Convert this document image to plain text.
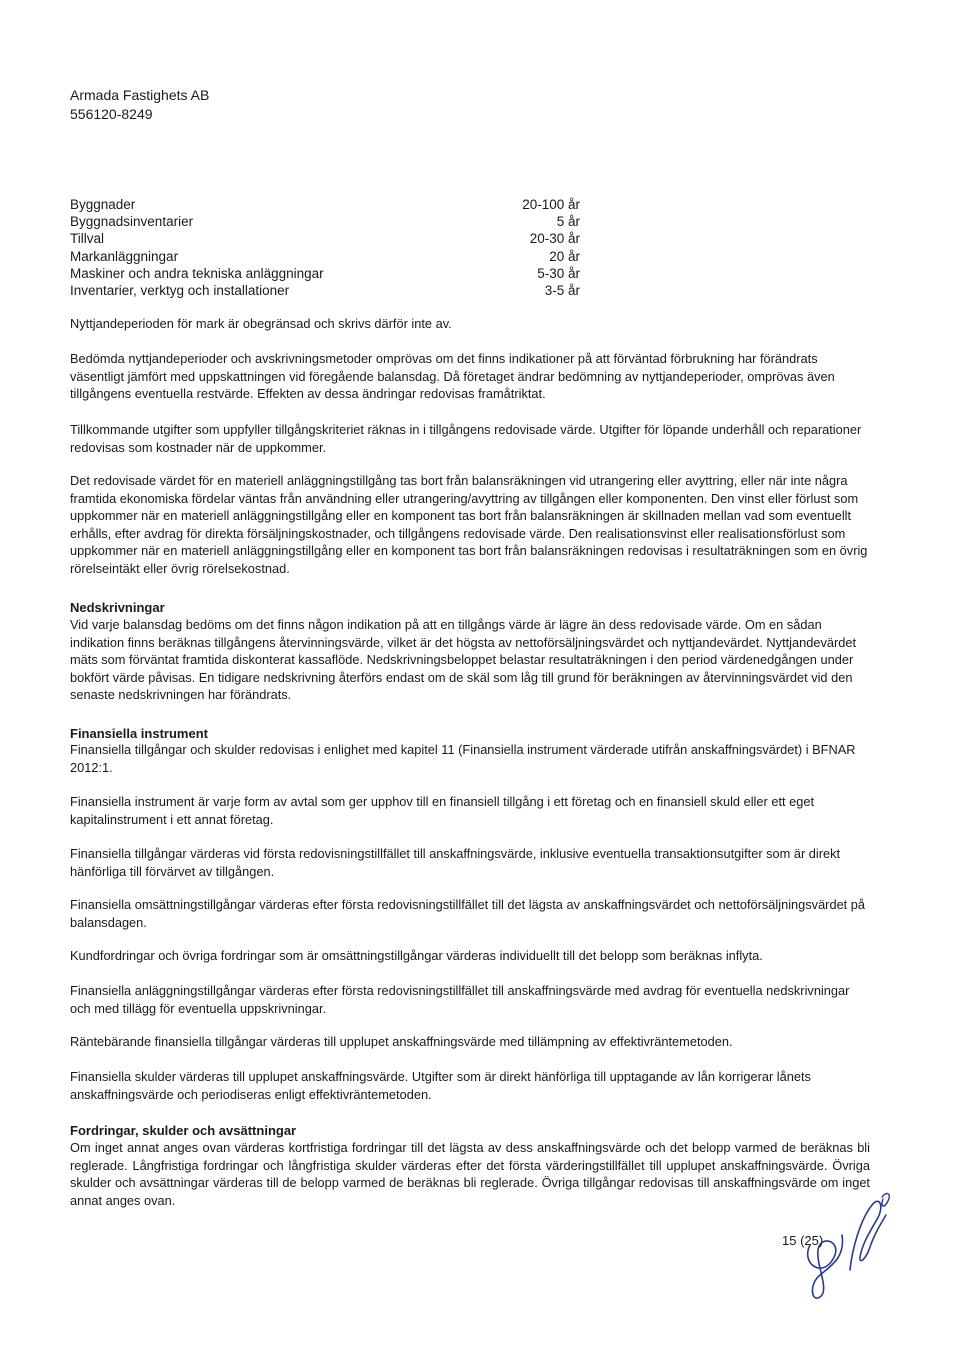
Armada Fastighets AB
556120-8249
Byggnader	20-100 år
Byggnadsinventarier	5 år
Tillval	20-30 år
Markanläggningar	20 år
Maskiner och andra tekniska anläggningar	5-30 år
Inventarier, verktyg och installationer	3-5 år

Nyttjandeperioden för mark är obegränsad och skrivs därför inte av.

Bedömda nyttjandeperioder och avskrivningsmetoder omprövas om det finns indikationer på att förväntad förbrukning har förändrats väsentligt jämfört med uppskattningen vid föregående balansdag. Då företaget ändrar bedömning av nyttjandeperioder, omprövas även tillgångens eventuella restvärde. Effekten av dessa ändringar redovisas framåtriktat.

Tillkommande utgifter som uppfyller tillgångskriteriet räknas in i tillgångens redovisade värde. Utgifter för löpande underhåll och reparationer redovisas som kostnader när de uppkommer.

Det redovisade värdet för en materiell anläggningstillgång tas bort från balansräkningen vid utrangering eller avyttring, eller när inte några framtida ekonomiska fördelar väntas från användning eller utrangering/avyttring av tillgången eller komponenten. Den vinst eller förlust som uppkommer när en materiell anläggningstillgång eller en komponent tas bort från balansräkningen är skillnaden mellan vad som eventuellt erhålls, efter avdrag för direkta försäljningskostnader, och tillgångens redovisade värde. Den realisationsvinst eller realisationsförlust som uppkommer när en materiell anläggningstillgång eller en komponent tas bort från balansräkningen redovisas i resultaträkningen som en övrig rörelseintäkt eller övrig rörelsekostnad.

Nedskrivningar

Vid varje balansdag bedöms om det finns någon indikation på att en tillgångs värde är lägre än dess redovisade värde. Om en sådan indikation finns beräknas tillgångens återvinningsvärde, vilket är det högsta av nettoförsäljningsvärdet och nyttjandevärdet. Nyttjandevärdet mäts som förväntat framtida diskonterat kassaflöde. Nedskrivningsbeloppet belastar resultaträkningen i den period värdenedgången under bokfört värde påvisas. En tidigare nedskrivning återförs endast om de skäl som låg till grund för beräkningen av återvinningsvärdet vid den senaste nedskrivningen har förändrats.

Finansiella instrument

Finansiella tillgångar och skulder redovisas i enlighet med kapitel 11 (Finansiella instrument värderade utifrån anskaffningsvärdet) i BFNAR 2012:1.

Finansiella instrument är varje form av avtal som ger upphov till en finansiell tillgång i ett företag och en finansiell skuld eller ett eget kapitalinstrument i ett annat företag.

Finansiella tillgångar värderas vid första redovisningstillfället till anskaffningsvärde, inklusive eventuella transaktionsutgifter som är direkt hänförliga till förvärvet av tillgången.

Finansiella omsättningstillgångar värderas efter första redovisningstillfället till det lägsta av anskaffningsvärdet och nettoförsäljningsvärdet på balansdagen.

Kundfordringar och övriga fordringar som är omsättningstillgångar värderas individuellt till det belopp som beräknas inflyta.

Finansiella anläggningstillgångar värderas efter första redovisningstillfället till anskaffningsvärde med avdrag för eventuella nedskrivningar och med tillägg för eventuella uppskrivningar.

Räntebärande finansiella tillgångar värderas till upplupet anskaffningsvärde med tillämpning av effektivräntemetoden.

Finansiella skulder värderas till upplupet anskaffningsvärde. Utgifter som är direkt hänförliga till upptagande av lån korrigerar lånets anskaffningsvärde och periodiseras enligt effektivräntemetoden.

Fordringar, skulder och avsättningar

Om inget annat anges ovan värderas kortfristiga fordringar till det lägsta av dess anskaffningsvärde och det belopp varmed de beräknas bli reglerade. Långfristiga fordringar och långfristiga skulder värderas efter det första värderingstillfället till upplupet anskaffningsvärde. Övriga skulder och avsättningar värderas till de belopp varmed de beräknas bli reglerade. Övriga tillgångar redovisas till anskaffningsvärde om inget annat anges ovan.

15 (25)
